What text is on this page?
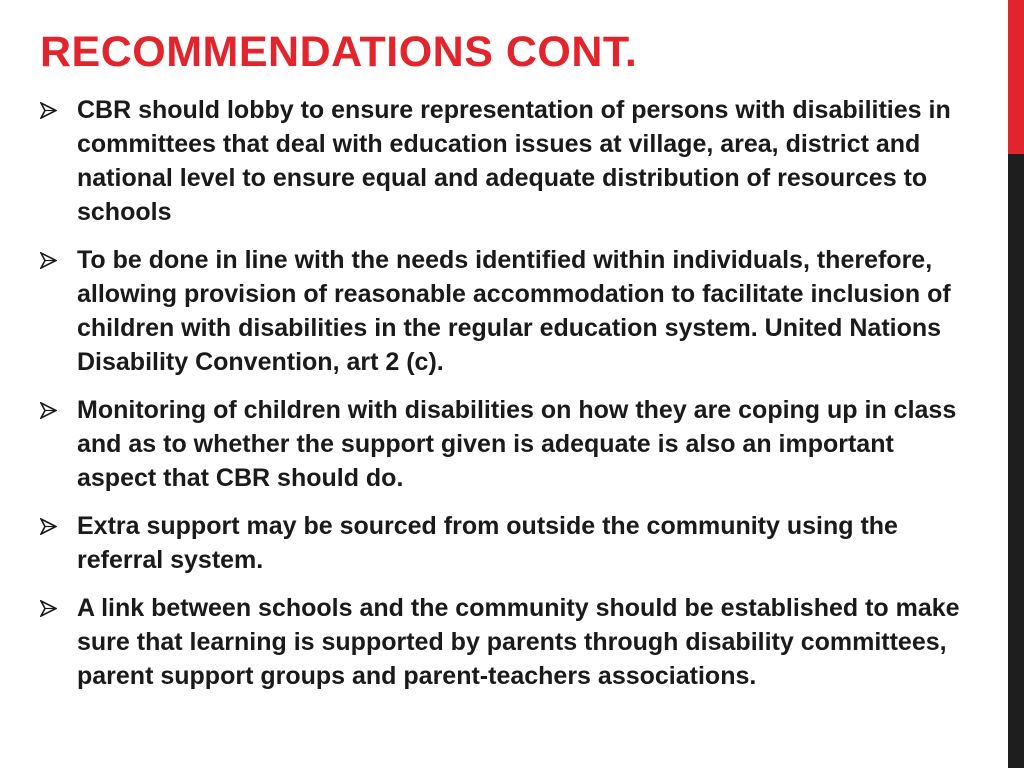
RECOMMENDATIONS CONT.
CBR should lobby to ensure representation of persons with disabilities in committees that deal with education issues at village, area, district and national level to ensure equal and adequate distribution of resources to schools
To be done in line with the needs identified within individuals, therefore, allowing provision of reasonable accommodation to facilitate inclusion of children with disabilities in the regular education system. United Nations Disability Convention, art 2 (c).
Monitoring of children with disabilities on how they are coping up in class and as to whether the support given is adequate is also an important aspect that CBR should do.
Extra support may be sourced from outside the community using the referral system.
A link between schools and the community should be established to make sure that learning is supported by parents through disability committees, parent support groups and parent-teachers associations.
